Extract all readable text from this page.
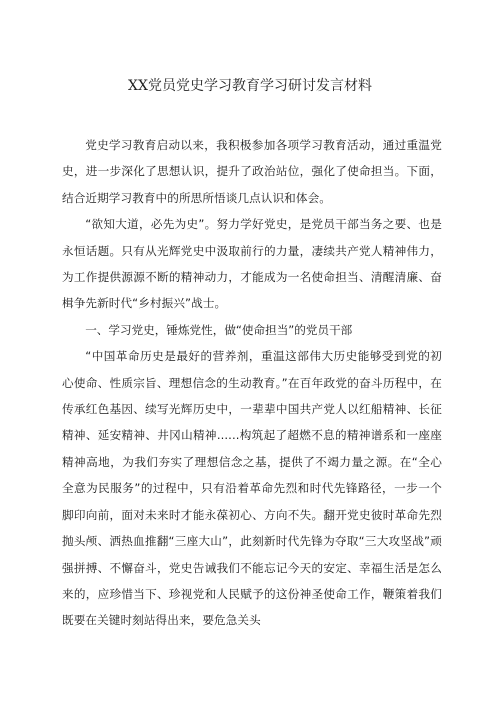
XX党员党史学习教育学习研讨发言材料

党史学习教育启动以来，我积极参加各项学习教育活动，通过重温党史，进一步深化了思想认识，提升了政治站位，强化了使命担当。下面，结合近期学习教育中的所思所悟谈几点认识和体会。

“欲知大道，必先为史”。努力学好党史，是党员干部当务之要、也是永恒话题。只有从光辉党史中汲取前行的力量，凄续共产党人精神伟力，为工作提供源源不断的精神动力，才能成为一名使命担当、清醒清廉、奋楫争先新时代“乡村振兴”战士。

一、学习党史，锤炼党性，做“使命担当”的党员干部

“中国革命历史是最好的营养剂，重温这部伟大历史能够受到党的初心使命、性质宗旨、理想信念的生动教育。”在百年政党的奋斗历程中，在传承红色基因、续写光辉历史中，一辈辈中国共产党人以红船精神、长征精神、延安精神、井冈山精神......构筑起了超燃不息的精神谱系和一座座精神高地，为我们夯实了理想信念之基，提供了不竭力量之源。在“全心全意为民服务”的过程中，只有沿着革命先烈和时代先锋路径，一步一个脚印向前，面对未来时才能永葆初心、方向不失。翻开党史彼时革命先烈抛头颅、洒热血推翻“三座大山”，此刻新时代先锋为夺取“三大攻坚战”顽强拼搏、不懈奋斗，党史告诫我们不能忘记今天的安定、幸福生活是怎么来的，应珍惜当下、珍视党和人民赋予的这份神圣使命工作，鞭策着我们既要在关键时刻站得出来，要危急关头
